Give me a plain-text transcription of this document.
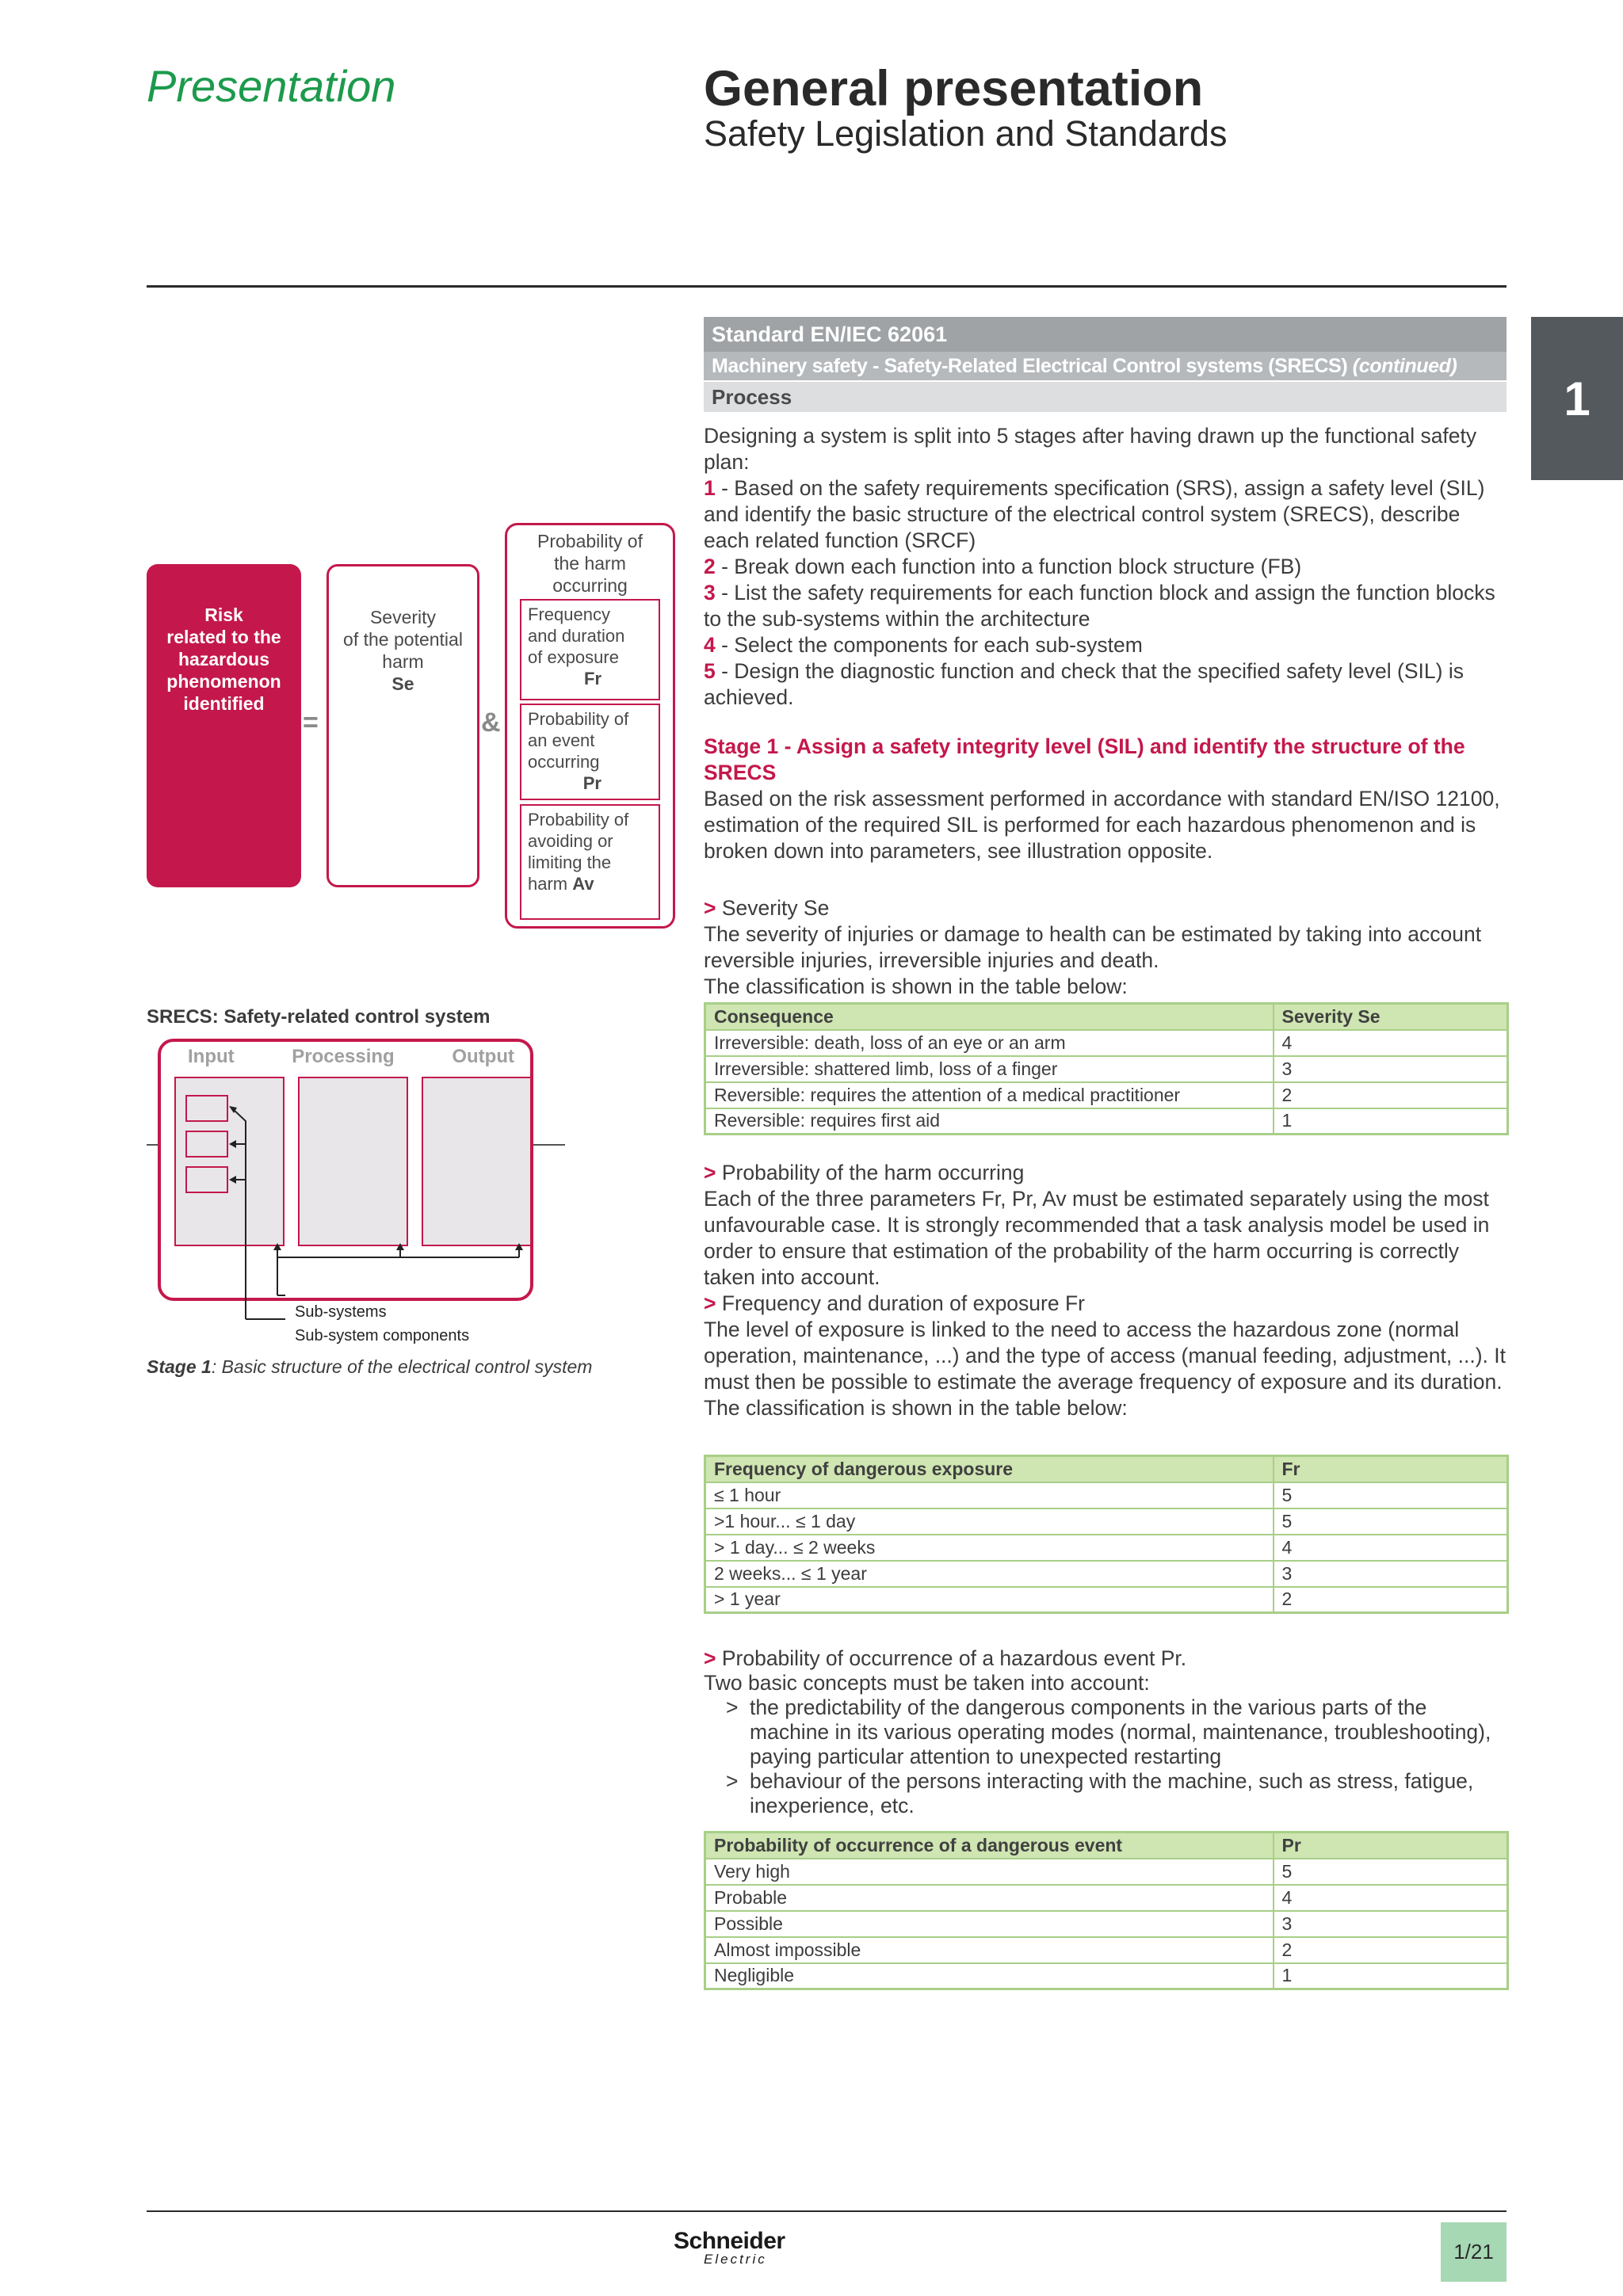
Presentation	General presentation
Safety Legislation and Standards
1
Standard EN/IEC 62061
Machinery safety - Safety-Related Electrical Control systems (SRECS) (continued)
Process
Designing a system is split into 5 stages after having drawn up the functional safety plan:
1 - Based on the safety requirements specification (SRS), assign a safety level (SIL) and identify the basic structure of the electrical control system (SRECS), describe each related function (SRCF)
2 - Break down each function into a function block structure (FB)
3 - List the safety requirements for each function block and assign the function blocks to the sub-systems within the architecture
4 - Select the components for each sub-system
5 - Design the diagnostic function and check that the specified safety level (SIL) is achieved.
Stage 1 - Assign a safety integrity level (SIL) and identify the structure of the SRECS
Based on the risk assessment performed in accordance with standard EN/ISO 12100, estimation of the required SIL is performed for each hazardous phenomenon and is broken down into parameters, see illustration opposite.
> Severity Se
The severity of injuries or damage to health can be estimated by taking into account reversible injuries, irreversible injuries and death.
The classification is shown in the table below:
Consequence	Severity Se
Irreversible: death, loss of an eye or an arm	4
Irreversible: shattered limb, loss of a finger	3
Reversible: requires the attention of a medical practitioner	2
Reversible: requires first aid	1
> Probability of the harm occurring
Each of the three parameters Fr, Pr, Av must be estimated separately using the most unfavourable case. It is strongly recommended that a task analysis model be used in order to ensure that estimation of the probability of the harm occurring is correctly taken into account.
> Frequency and duration of exposure Fr
The level of exposure is linked to the need to access the hazardous zone (normal operation, maintenance, ...) and the type of access (manual feeding, adjustment, ...). It must then be possible to estimate the average frequency of exposure and its duration.
The classification is shown in the table below:
Frequency of dangerous exposure	Fr
≤ 1 hour	5
>1 hour... ≤ 1 day	5
> 1 day... ≤ 2 weeks	4
2 weeks... ≤ 1 year	3
> 1 year	2
> Probability of occurrence of a hazardous event Pr.
Two basic concepts must be taken into account:
> the predictability of the dangerous components in the various parts of the machine in its various operating modes (normal, maintenance, troubleshooting), paying particular attention to unexpected restarting
> behaviour of the persons interacting with the machine, such as stress, fatigue, inexperience, etc.
Probability of occurrence of a dangerous event	Pr
Very high	5
Probable	4
Possible	3
Almost impossible	2
Negligible	1
Risk
related to the
hazardous
phenomenon
identified
=
Severity
of the potential
harm
Se
&
Probability of
the harm
occurring
Frequency
and duration
of exposure
Fr
Probability of
an event
occurring
Pr
Probability of
avoiding or
limiting the
harm Av
SRECS: Safety-related control system
Input	Processing	Output
Sub-systems
Sub-system components
Stage 1: Basic structure of the electrical control system
Schneider
Electric	1/21
